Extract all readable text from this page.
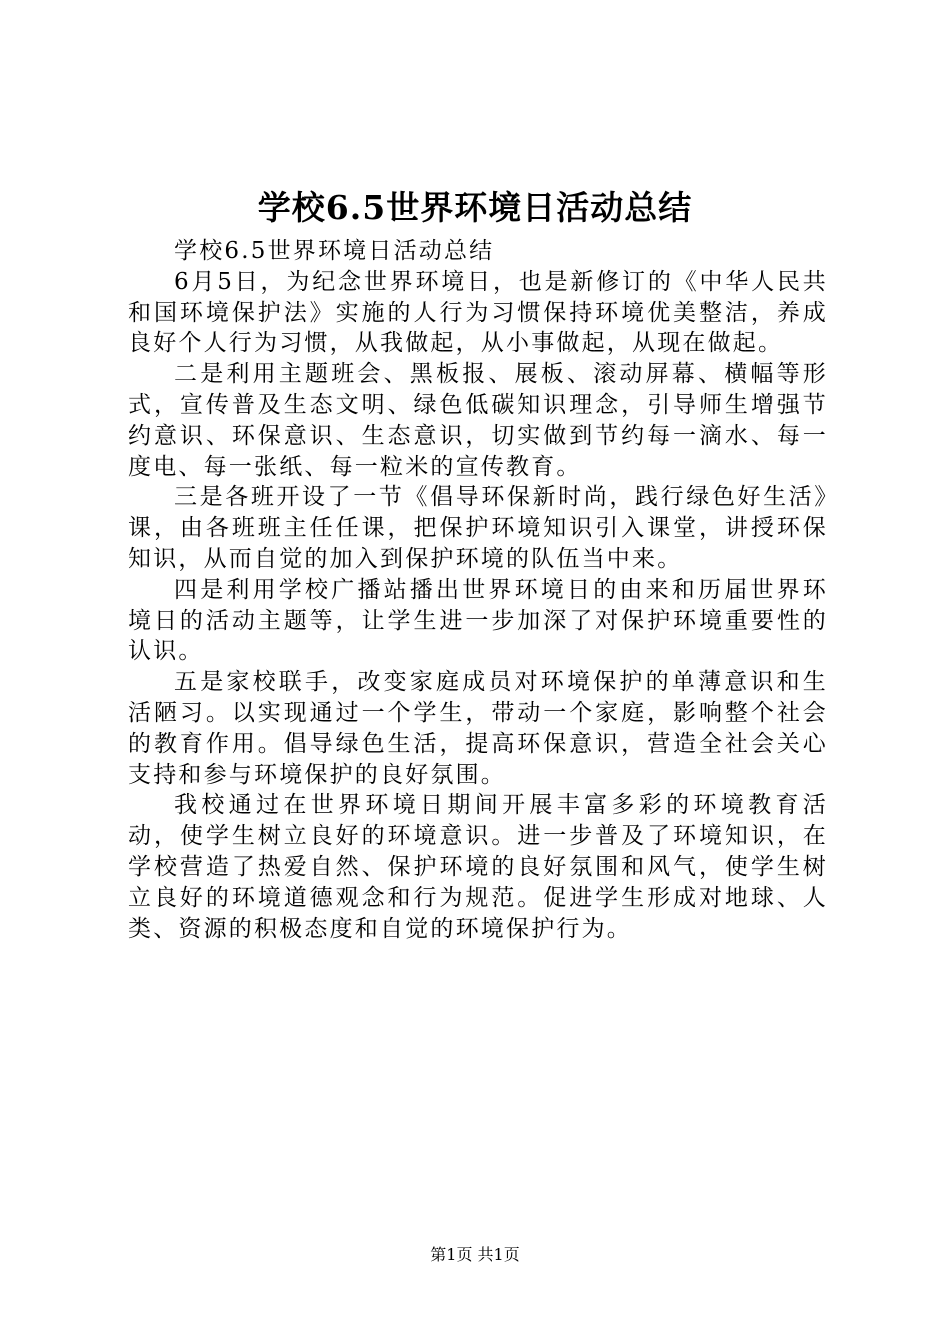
学校6.5世界环境日活动总结

学校6.5世界环境日活动总结

6月5日，为纪念世界环境日，也是新修订的《中华人民共和国环境保护法》实施的人行为习惯保持环境优美整洁，养成良好个人行为习惯，从我做起，从小事做起，从现在做起。

二是利用主题班会、黑板报、展板、滚动屏幕、横幅等形式，宣传普及生态文明、绿色低碳知识理念，引导师生增强节约意识、环保意识、生态意识，切实做到节约每一滴水、每一度电、每一张纸、每一粒米的宣传教育。

三是各班开设了一节《倡导环保新时尚，践行绿色好生活》课，由各班班主任任课，把保护环境知识引入课堂，讲授环保知识，从而自觉的加入到保护环境的队伍当中来。

四是利用学校广播站播出世界环境日的由来和历届世界环境日的活动主题等，让学生进一步加深了对保护环境重要性的认识。

五是家校联手，改变家庭成员对环境保护的单薄意识和生活陋习。以实现通过一个学生，带动一个家庭，影响整个社会的教育作用。倡导绿色生活，提高环保意识，营造全社会关心支持和参与环境保护的良好氛围。

我校通过在世界环境日期间开展丰富多彩的环境教育活动，使学生树立良好的环境意识。进一步普及了环境知识，在学校营造了热爱自然、保护环境的良好氛围和风气，使学生树立良好的环境道德观念和行为规范。促进学生形成对地球、人类、资源的积极态度和自觉的环境保护行为。

第1页 共1页
